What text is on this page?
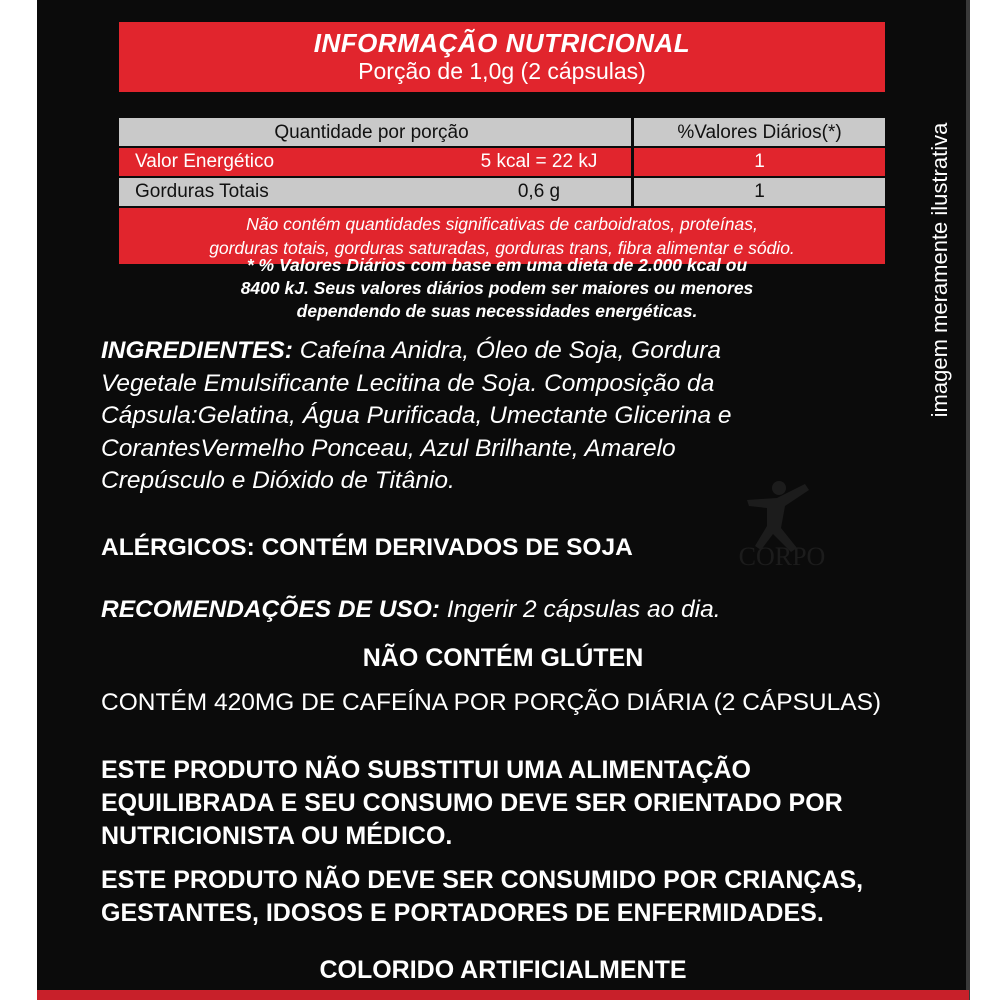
INFORMAÇÃO NUTRICIONAL
Porção de 1,0g (2 cápsulas)
Quantidade por porção	%Valores Diários(*)
Valor Energético	5 kcal = 22 kJ	1
Gorduras Totais	0,6 g	1
Não contém quantidades significativas de carboidratos, proteínas,
gorduras totais, gorduras saturadas, gorduras trans, fibra alimentar e sódio.
* % Valores Diários com base em uma dieta de 2.000 kcal ou
8400 kJ. Seus valores diários podem ser maiores ou menores
dependendo de suas necessidades energéticas.
INGREDIENTES: Cafeína Anidra, Óleo de Soja, Gordura
Vegetale Emulsificante Lecitina de Soja. Composição da
Cápsula:Gelatina, Água Purificada, Umectante Glicerina e
CorantesVermelho Ponceau, Azul Brilhante, Amarelo
Crepúsculo e Dióxido de Titânio.
CORPO
ALÉRGICOS: CONTÉM DERIVADOS DE SOJA
RECOMENDAÇÕES DE USO: Ingerir 2 cápsulas ao dia.
NÃO CONTÉM GLÚTEN
CONTÉM 420MG DE CAFEÍNA POR PORÇÃO DIÁRIA (2 CÁPSULAS)
ESTE PRODUTO NÃO SUBSTITUI UMA ALIMENTAÇÃO
EQUILIBRADA E SEU CONSUMO DEVE SER ORIENTADO POR
NUTRICIONISTA OU MÉDICO.
ESTE PRODUTO NÃO DEVE SER CONSUMIDO POR CRIANÇAS,
GESTANTES, IDOSOS E PORTADORES DE ENFERMIDADES.
COLORIDO ARTIFICIALMENTE
imagem meramente ilustrativa
